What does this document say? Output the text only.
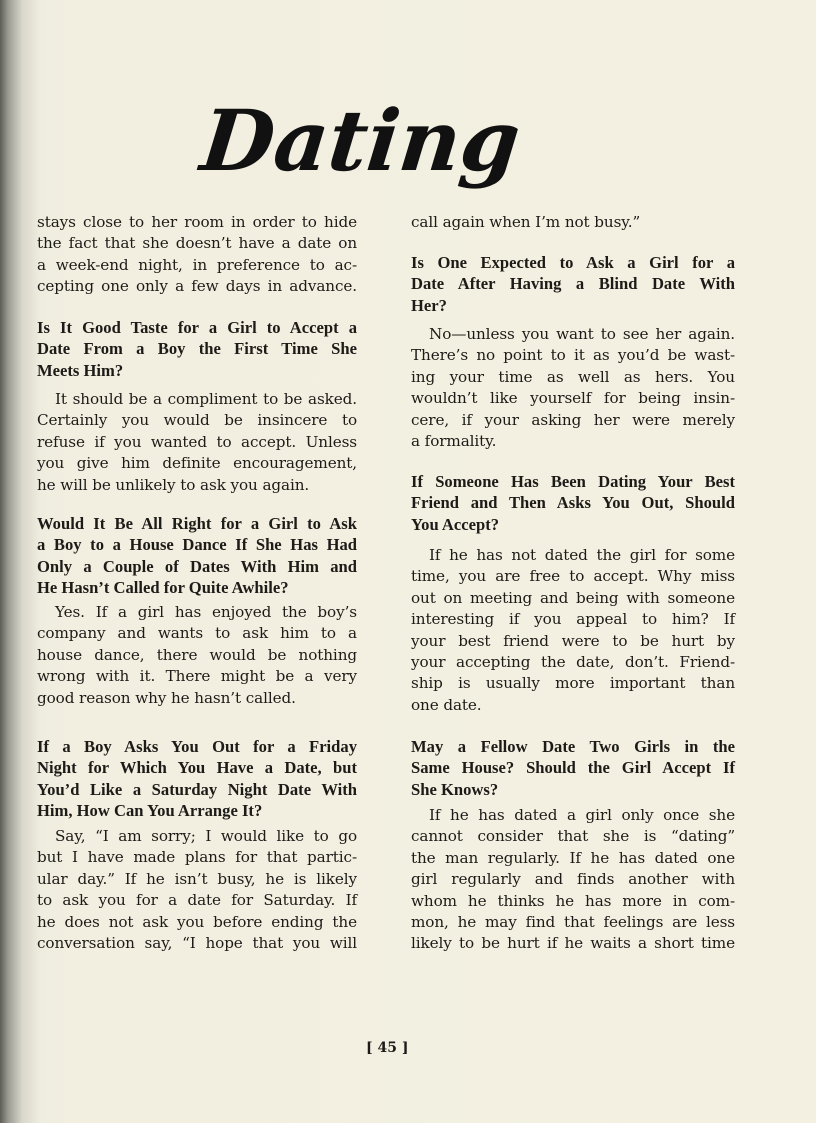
Dating
stays close to her room in order to hide
the fact that she doesn’t have a date on
a week-end night, in preference to ac-
cepting one only a few days in advance.
Is It Good Taste for a Girl to Accept a
Date From a Boy the First Time She
Meets Him?
It should be a compliment to be asked.
Certainly you would be insincere to
refuse if you wanted to accept. Unless
you give him definite encouragement,
he will be unlikely to ask you again.
Would It Be All Right for a Girl to Ask
a Boy to a House Dance If She Has Had
Only a Couple of Dates With Him and
He Hasn’t Called for Quite Awhile?
Yes. If a girl has enjoyed the boy’s
company and wants to ask him to a
house dance, there would be nothing
wrong with it. There might be a very
good reason why he hasn’t called.
If a Boy Asks You Out for a Friday
Night for Which You Have a Date, but
You’d Like a Saturday Night Date With
Him, How Can You Arrange It?
Say, “I am sorry; I would like to go
but I have made plans for that partic-
ular day.” If he isn’t busy, he is likely
to ask you for a date for Saturday. If
he does not ask you before ending the
conversation say, “I hope that you will
call again when I’m not busy.”
Is One Expected to Ask a Girl for a
Date After Having a Blind Date With
Her?
No—unless you want to see her again.
There’s no point to it as you’d be wast-
ing your time as well as hers. You
wouldn’t like yourself for being insin-
cere, if your asking her were merely
a formality.
If Someone Has Been Dating Your Best
Friend and Then Asks You Out, Should
You Accept?
If he has not dated the girl for some
time, you are free to accept. Why miss
out on meeting and being with someone
interesting if you appeal to him? If
your best friend were to be hurt by
your accepting the date, don’t. Friend-
ship is usually more important than
one date.
May a Fellow Date Two Girls in the
Same House? Should the Girl Accept If
She Knows?
If he has dated a girl only once she
cannot consider that she is “dating”
the man regularly. If he has dated one
girl regularly and finds another with
whom he thinks he has more in com-
mon, he may find that feelings are less
likely to be hurt if he waits a short time
[ 45 ]
